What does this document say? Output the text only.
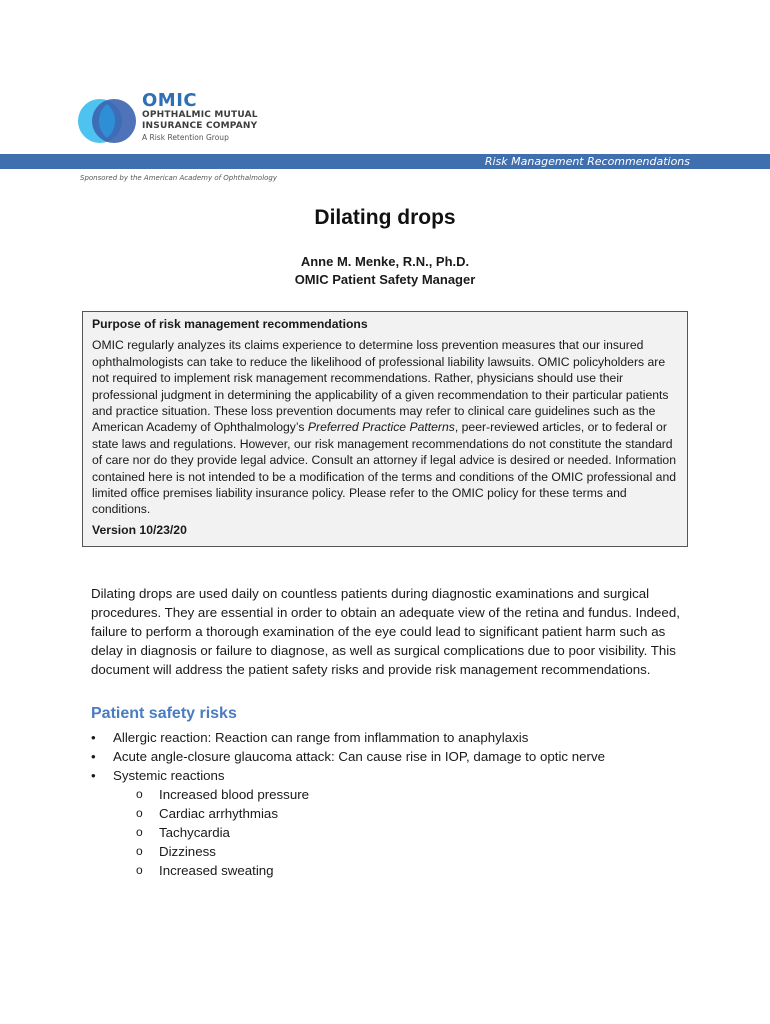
OMIC
OPHTHALMIC MUTUAL
INSURANCE COMPANY
A Risk Retention Group
Risk Management Recommendations
Sponsored by the American Academy of Ophthalmology
Dilating drops
Anne M. Menke, R.N., Ph.D.
OMIC Patient Safety Manager
Purpose of risk management recommendations

OMIC regularly analyzes its claims experience to determine loss prevention measures that our insured ophthalmologists can take to reduce the likelihood of professional liability lawsuits. OMIC policyholders are not required to implement risk management recommendations. Rather, physicians should use their professional judgment in determining the applicability of a given recommendation to their particular patients and practice situation. These loss prevention documents may refer to clinical care guidelines such as the American Academy of Ophthalmology’s Preferred Practice Patterns, peer-reviewed articles, or to federal or state laws and regulations. However, our risk management recommendations do not constitute the standard of care nor do they provide legal advice. Consult an attorney if legal advice is desired or needed. Information contained here is not intended to be a modification of the terms and conditions of the OMIC professional and limited office premises liability insurance policy. Please refer to the OMIC policy for these terms and conditions.

Version 10/23/20

Dilating drops are used daily on countless patients during diagnostic examinations and surgical procedures. They are essential in order to obtain an adequate view of the retina and fundus. Indeed, failure to perform a thorough examination of the eye could lead to significant patient harm such as delay in diagnosis or failure to diagnose, as well as surgical complications due to poor visibility. This document will address the patient safety risks and provide risk management recommendations.

Patient safety risks
• Allergic reaction: Reaction can range from inflammation to anaphylaxis
• Acute angle-closure glaucoma attack: Can cause rise in IOP, damage to optic nerve
• Systemic reactions
o Increased blood pressure
o Cardiac arrhythmias
o Tachycardia
o Dizziness
o Increased sweating
